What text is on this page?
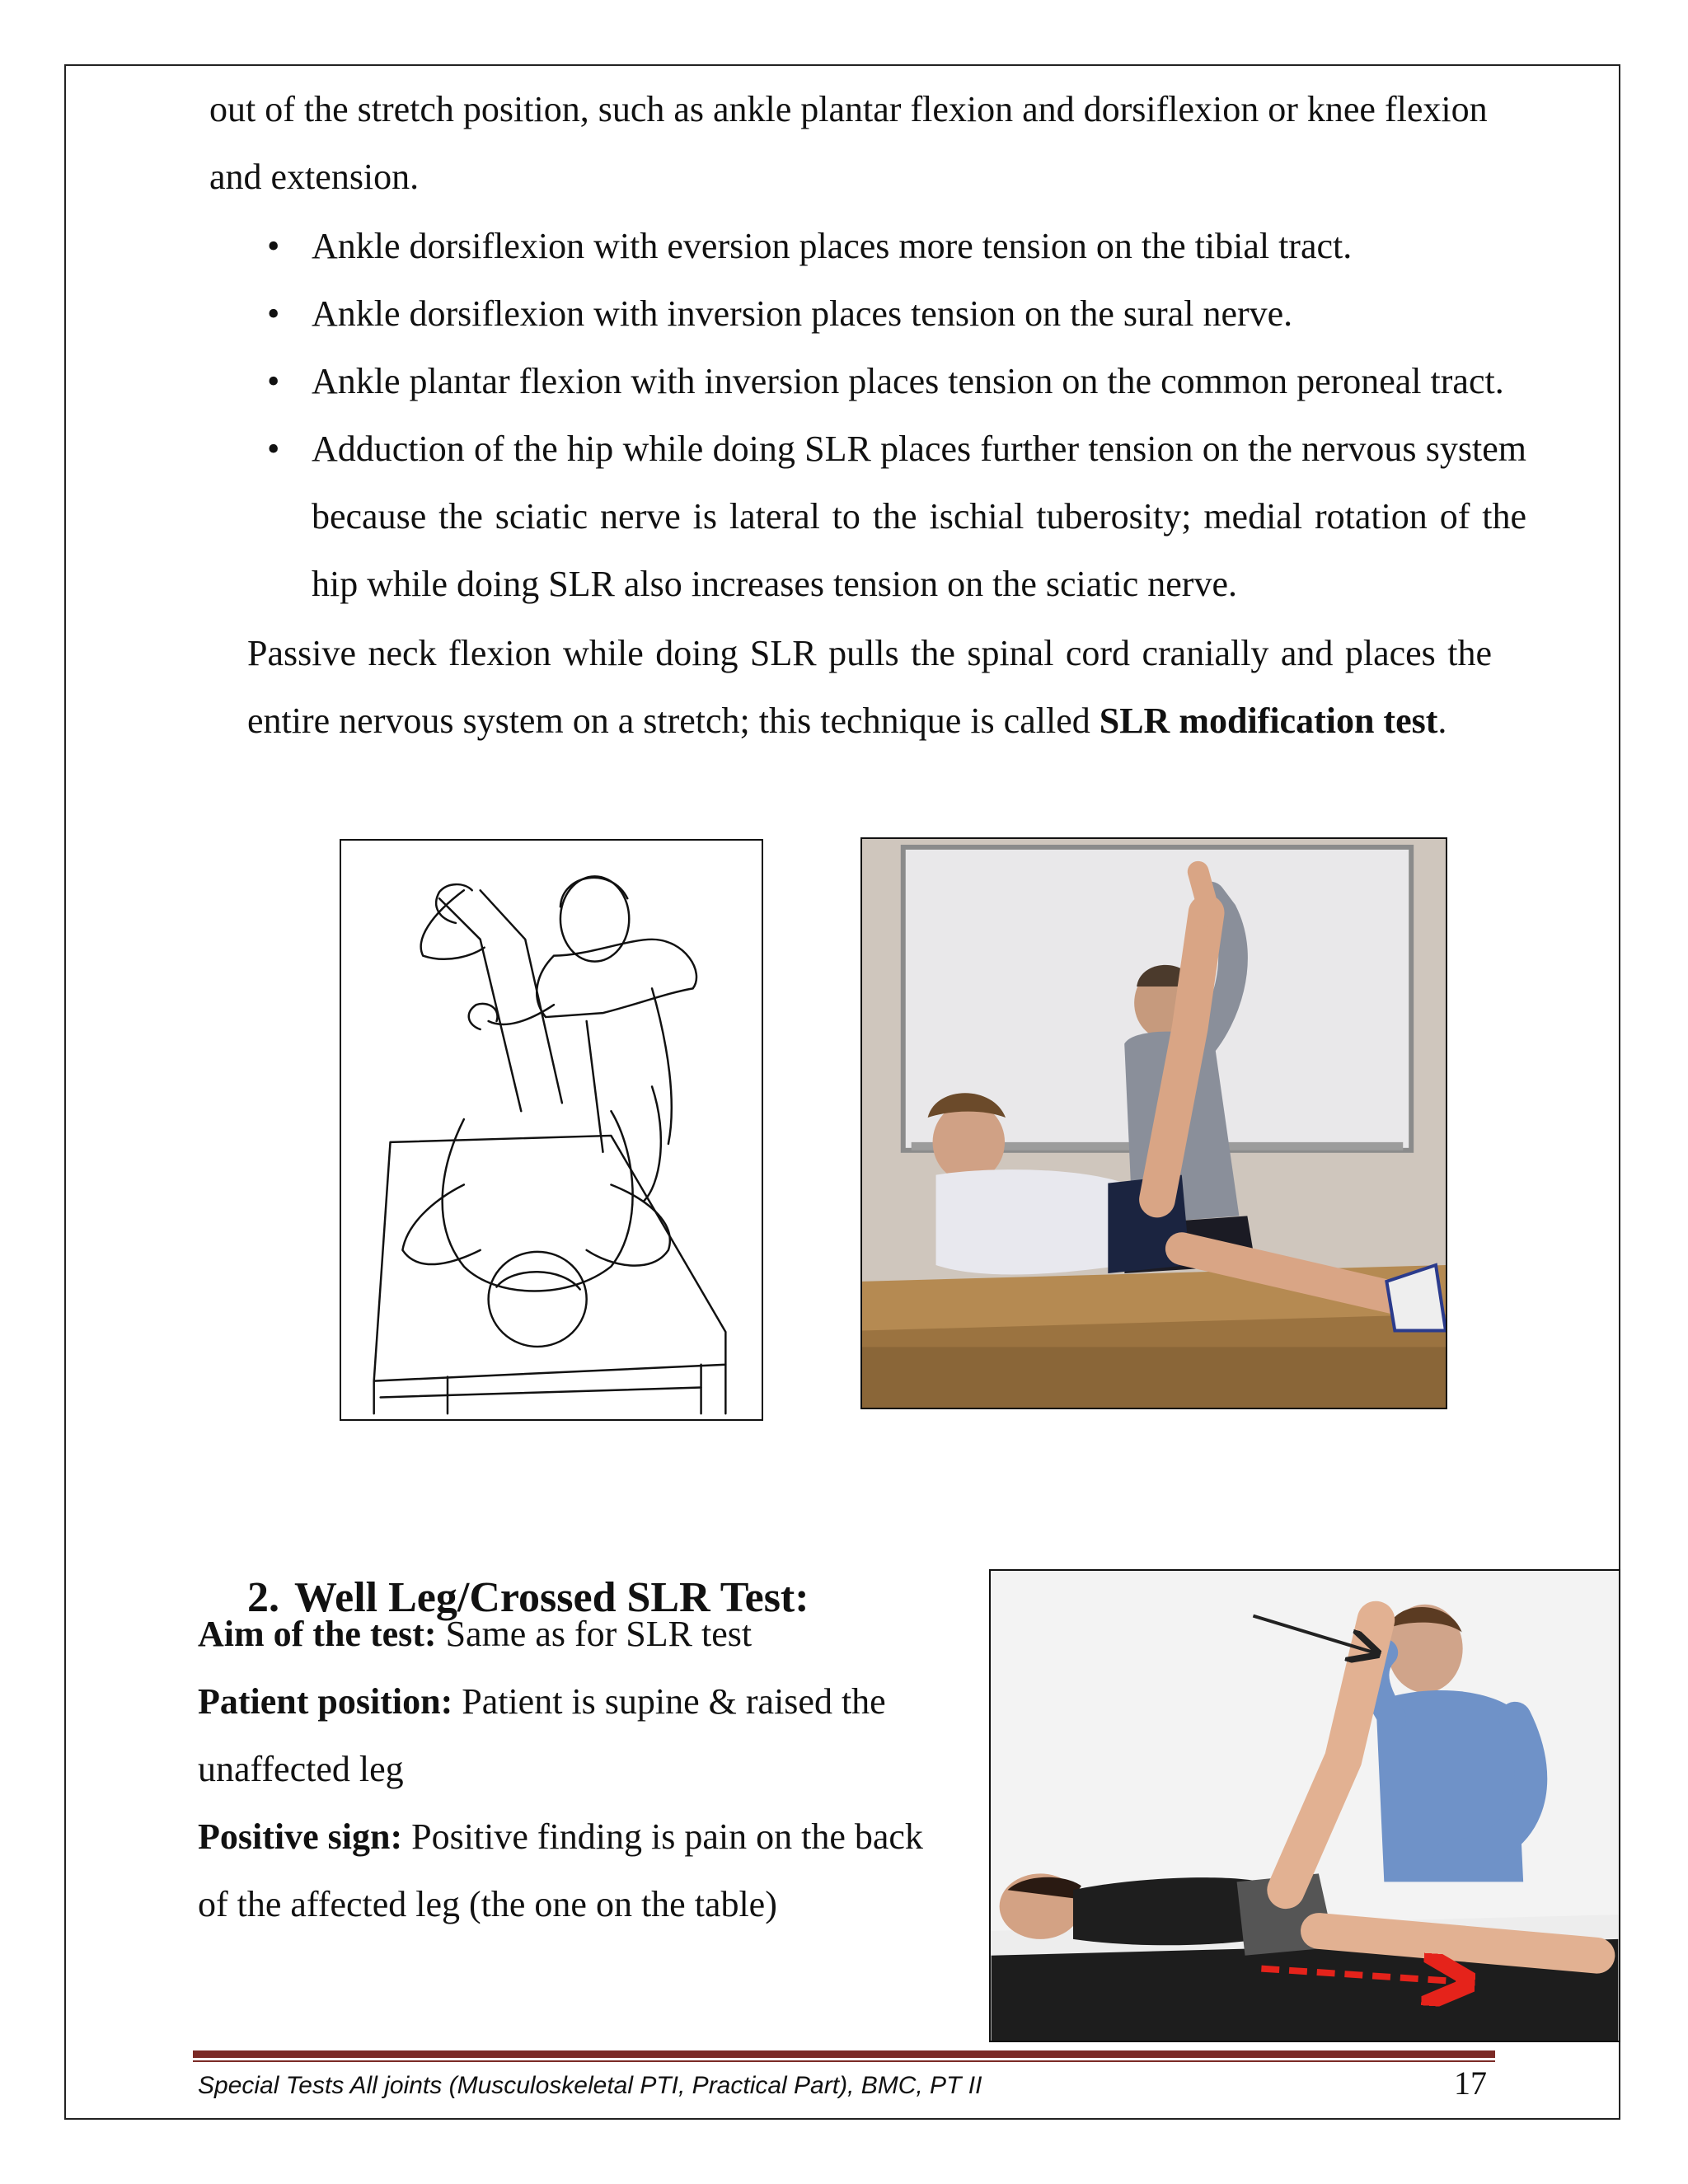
out of the stretch position, such as ankle plantar flexion and dorsiflexion or knee flexion and extension.

• Ankle dorsiflexion with eversion places more tension on the tibial tract.
• Ankle dorsiflexion with inversion places tension on the sural nerve.
• Ankle plantar flexion with inversion places tension on the common peroneal tract.
• Adduction of the hip while doing SLR places further tension on the nervous system because the sciatic nerve is lateral to the ischial tuberosity; medial rotation of the hip while doing SLR also increases tension on the sciatic nerve.

Passive neck flexion while doing SLR pulls the spinal cord cranially and places the entire nervous system on a stretch; this technique is called SLR modification test.

2. Well Leg/Crossed SLR Test:
Aim of the test: Same as for SLR test
Patient position: Patient is supine & raised the unaffected leg
Positive sign: Positive finding is pain on the back of the affected leg (the one on the table)
Special Tests All joints (Musculoskeletal PTI, Practical Part), BMC, PT II	17
